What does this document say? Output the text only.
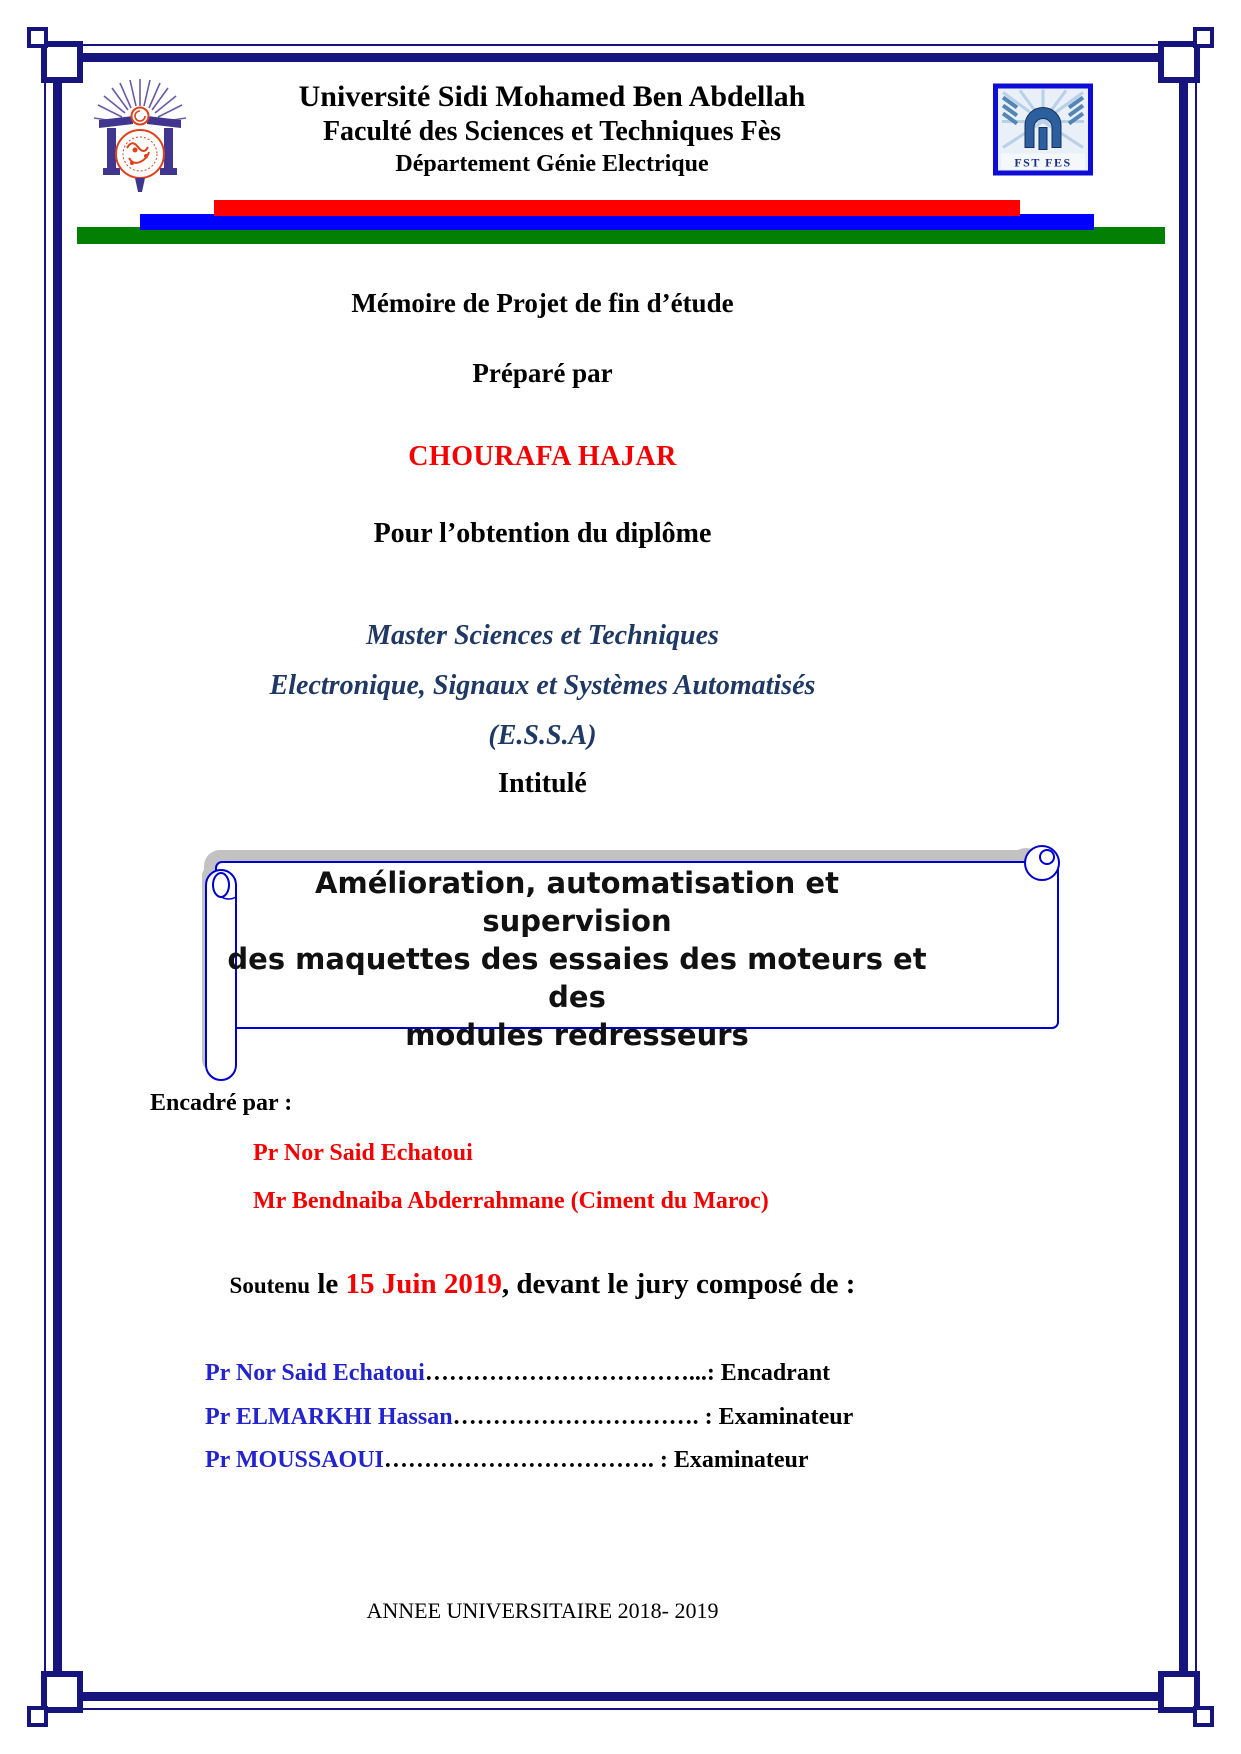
Université Sidi Mohamed Ben Abdellah
Faculté des Sciences et Techniques Fès
Département Génie Electrique	FST FES
Mémoire de Projet de fin d’étude
Préparé par
CHOURAFA HAJAR
Pour l’obtention du diplôme
Master Sciences et Techniques
Electronique, Signaux et Systèmes Automatisés
(E.S.S.A)
Intitulé
Amélioration, automatisation et supervision
des maquettes des essaies des moteurs et des
modules redresseurs
Encadré par :
Pr Nor Said Echatoui
Mr Bendnaiba Abderrahmane (Ciment du Maroc)
Soutenu le 15 Juin 2019, devant le jury composé de :
Pr Nor Said Echatoui……………………………...: Encadrant
Pr ELMARKHI Hassan…………………………. : Examinateur
Pr MOUSSAOUI……………………………. : Examinateur
ANNEE UNIVERSITAIRE 2018- 2019
